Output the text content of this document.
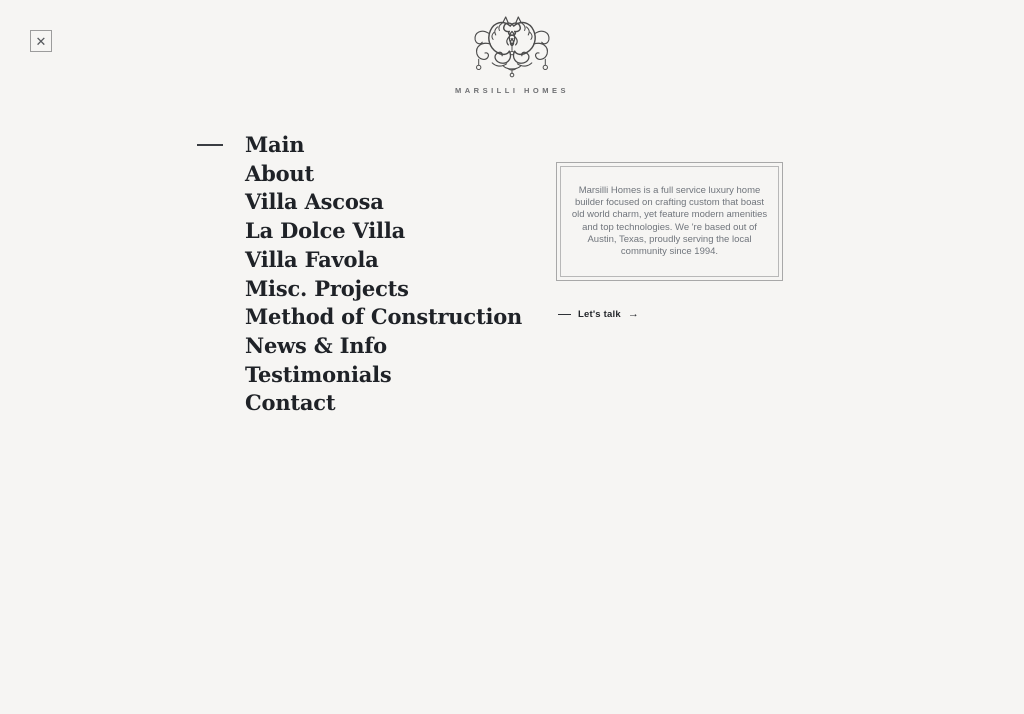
✕
MARSILLI HOMES
Main
About
Villa Ascosa
La Dolce Villa
Villa Favola
Misc. Projects
Method of Construction
News & Info
Testimonials
Contact

Marsilli Homes is a full service luxury home builder focused on crafting custom that boast old world charm, yet feature modern amenities and top technologies. We 're based out of Austin, Texas, proudly serving the local community since 1994.

Let's talk →
